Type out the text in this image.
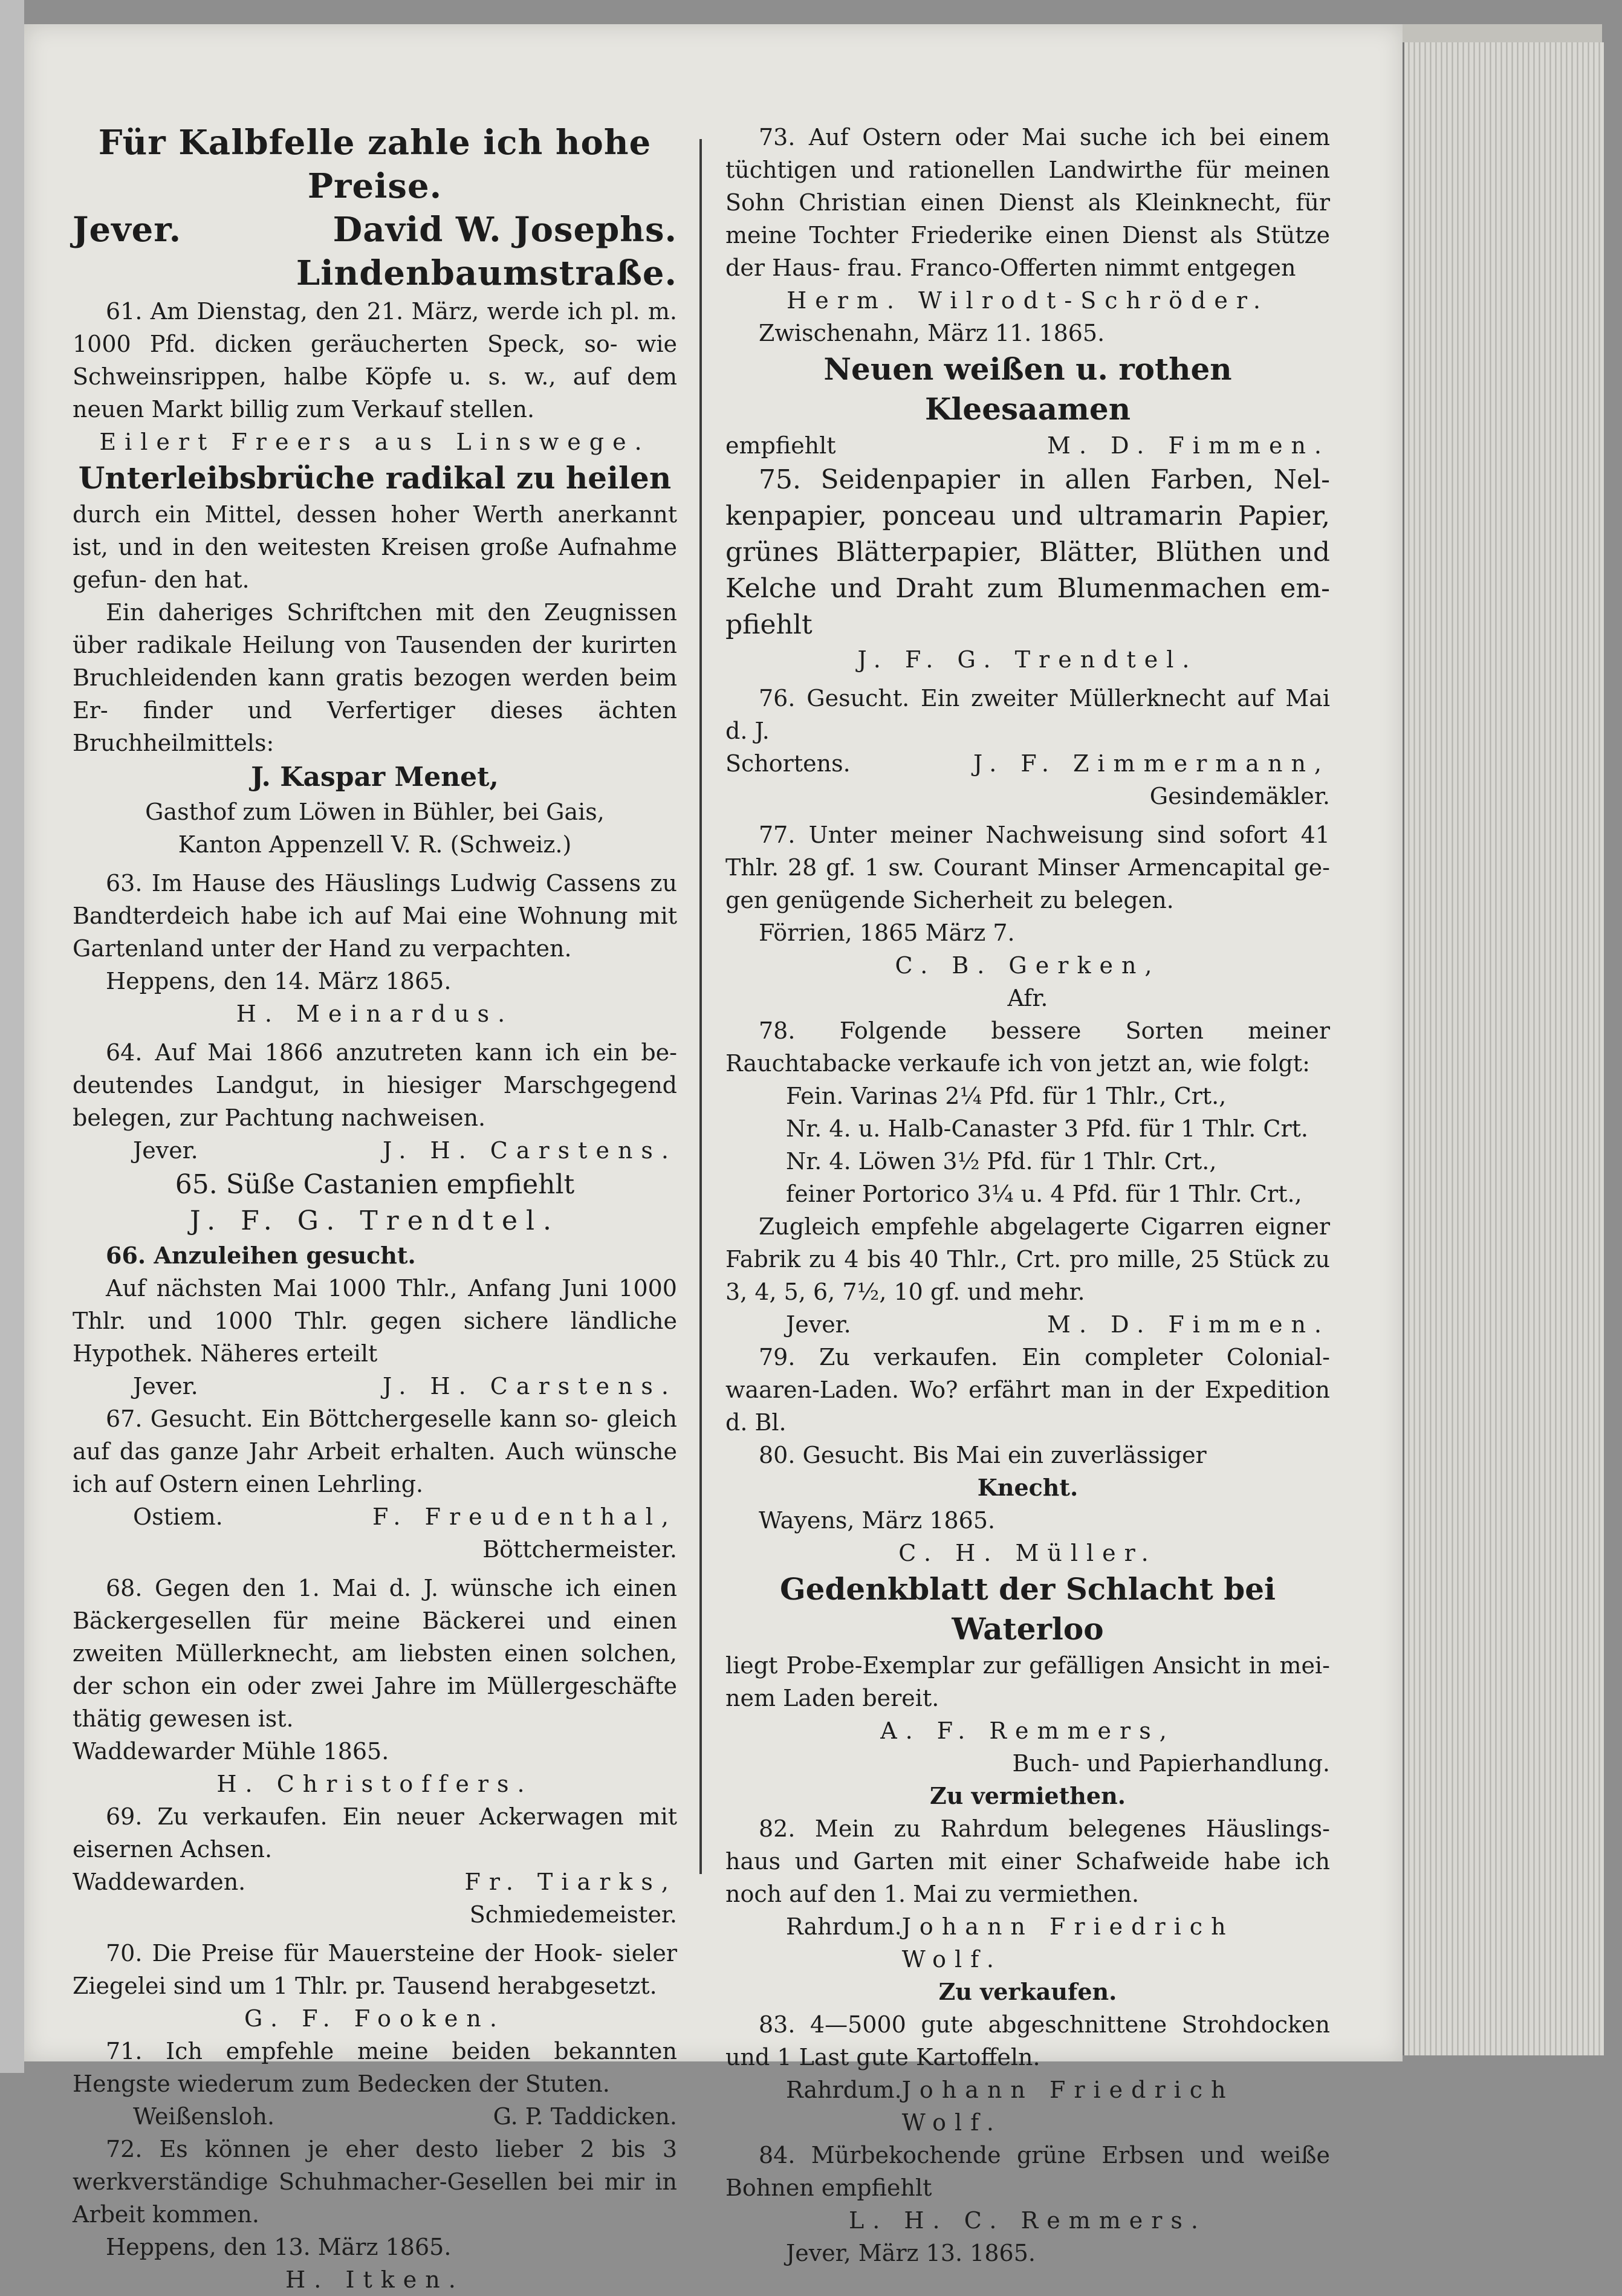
Für Kalbfelle zahle ich hohe Preise.

Jever.	David W. Josephs.

Lindenbaumstraße.

61. Am Dienstag, den 21. März, werde ich pl. m. 1000 Pfd. dicken geräucherten Speck, so- wie Schweinsrippen, halbe Köpfe u. s. w., auf dem neuen Markt billig zum Verkauf stellen.

Eilert Freers aus Linswege.

Unterleibsbrüche radikal zu heilen

durch ein Mittel, dessen hoher Werth anerkannt ist, und in den weitesten Kreisen große Aufnahme gefun- den hat.

Ein daheriges Schriftchen mit den Zeugnissen über radikale Heilung von Tausenden der kurirten Bruchleidenden kann gratis bezogen werden beim Er- finder und Verfertiger dieses ächten Bruchheilmittels:

J. Kaspar Menet,

Gasthof zum Löwen in Bühler, bei Gais,

Kanton Appenzell V. R. (Schweiz.)

63. Im Hause des Häuslings Ludwig Cassens zu Bandterdeich habe ich auf Mai eine Wohnung mit Gartenland unter der Hand zu verpachten.

Heppens, den 14. März 1865.

H. Meinardus.

64. Auf Mai 1866 anzutreten kann ich ein be- deutendes Landgut, in hiesiger Marschgegend belegen, zur Pachtung nachweisen.

Jever.	J. H. Carstens.

65. Süße Castanien empfiehlt

J. F. G. Trendtel.

66. Anzuleihen gesucht.

Auf nächsten Mai 1000 Thlr., Anfang Juni 1000 Thlr. und 1000 Thlr. gegen sichere ländliche Hypothek. Näheres erteilt

Jever.	J. H. Carstens.

67. Gesucht. Ein Böttchergeselle kann so- gleich auf das ganze Jahr Arbeit erhalten. Auch wünsche ich auf Ostern einen Lehrling.

Ostiem.	F. Freudenthal,

Böttchermeister.

68. Gegen den 1. Mai d. J. wünsche ich einen Bäckergesellen für meine Bäckerei und einen zweiten Müllerknecht, am liebsten einen solchen, der schon ein oder zwei Jahre im Müllergeschäfte thätig gewesen ist.

Waddewarder Mühle 1865.

H. Christoffers.

69. Zu verkaufen. Ein neuer Ackerwagen mit eisernen Achsen.

Waddewarden.	Fr. Tiarks,

Schmiedemeister.

70. Die Preise für Mauersteine der Hook- sieler Ziegelei sind um 1 Thlr. pr. Tausend herabgesetzt.

G. F. Fooken.

71. Ich empfehle meine beiden bekannten Hengste wiederum zum Bedecken der Stuten.

Weißensloh.	G. P. Taddicken.

72. Es können je eher desto lieber 2 bis 3 werkverständige Schuhmacher-Gesellen bei mir in Arbeit kommen.

Heppens, den 13. März 1865.

H. Itken.

73. Auf Ostern oder Mai suche ich bei einem tüchtigen und rationellen Landwirthe für meinen Sohn Christian einen Dienst als Kleinknecht, für meine Tochter Friederike einen Dienst als Stütze der Haus- frau. Franco-Offerten nimmt entgegen

Herm. Wilrodt-Schröder.

Zwischenahn, März 11. 1865.

Neuen weißen u. rothen Kleesaamen

empfiehlt	M. D. Fimmen.

75. Seidenpapier in allen Farben, Nel- kenpapier, ponceau und ultramarin Papier, grünes Blätterpapier, Blätter, Blüthen und Kelche und Draht zum Blumenmachen em- pfiehlt

J. F. G. Trendtel.

76. Gesucht. Ein zweiter Müllerknecht auf Mai d. J.

Schortens.	J. F. Zimmermann,

Gesindemäkler.

77. Unter meiner Nachweisung sind sofort 41 Thlr. 28 gf. 1 sw. Courant Minser Armencapital ge- gen genügende Sicherheit zu belegen.

Förrien, 1865 März 7.

C. B. Gerken,

Afr.

78. Folgende bessere Sorten meiner Rauchtabacke verkaufe ich von jetzt an, wie folgt:

Fein. Varinas 2¼ Pfd. für 1 Thlr., Crt.,

Nr. 4. u. Halb-Canaster 3 Pfd. für 1 Thlr. Crt.

Nr. 4. Löwen 3½ Pfd. für 1 Thlr. Crt.,

feiner Portorico 3¼ u. 4 Pfd. für 1 Thlr. Crt.,

Zugleich empfehle abgelagerte Cigarren eigner Fabrik zu 4 bis 40 Thlr., Crt. pro mille, 25 Stück zu 3, 4, 5, 6, 7½, 10 gf. und mehr.

Jever.	M. D. Fimmen.

79. Zu verkaufen. Ein completer Colonial- waaren-Laden. Wo? erfährt man in der Expedition d. Bl.

80. Gesucht. Bis Mai ein zuverlässiger

Knecht.

Wayens, März 1865.

C. H. Müller.

Gedenkblatt der Schlacht bei

Waterloo

liegt Probe-Exemplar zur gefälligen Ansicht in mei- nem Laden bereit.

A. F. Remmers,

Buch- und Papierhandlung.

Zu vermiethen.

82. Mein zu Rahrdum belegenes Häuslings- haus und Garten mit einer Schafweide habe ich noch auf den 1. Mai zu vermiethen.

Rahrdum. Johann Friedrich Wolf.

Zu verkaufen.

83. 4—5000 gute abgeschnittene Strohdocken und 1 Last gute Kartoffeln.

Rahrdum. Johann Friedrich Wolf.

84. Mürbekochende grüne Erbsen und weiße Bohnen empfiehlt

L. H. C. Remmers.

Jever, März 13. 1865.
